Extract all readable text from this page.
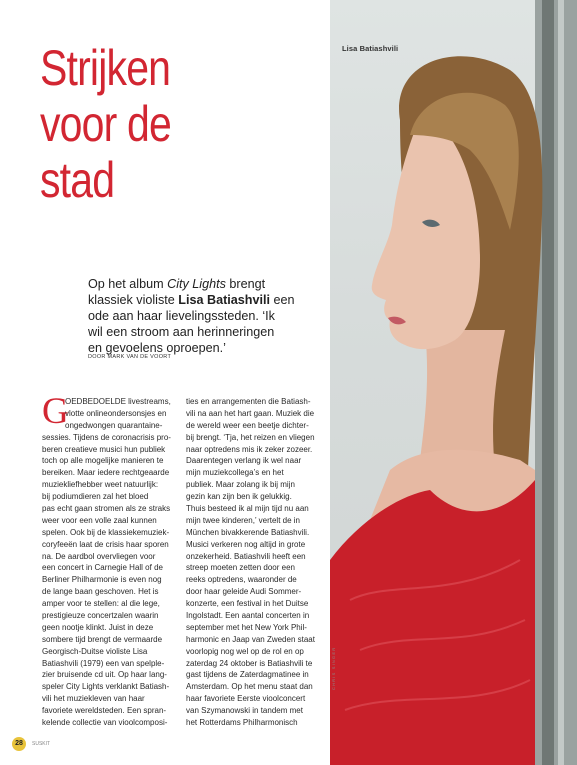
Strijken
voor de
stad
Op het album City Lights brengt
klassiek violiste Lisa Batiashvili een
ode aan haar lievelingssteden. ‘Ik
wil een stroom aan herinneringen
en gevoelens oproepen.’
DOOR MARK VAN DE VOORT
G
OEDBEDOELDE livestreams,
vlotte onlineondersonsjes en
ongedwongen quarantaine-
sessies. Tijdens de coronacrisis pro-
beren creatieve musici hun publiek
toch op alle mogelijke manieren te
bereiken. Maar iedere rechtgeaarde
muziekliefhebber weet natuurlijk:
bij podiumdieren zal het bloed
pas echt gaan stromen als ze straks
weer voor een volle zaal kunnen
spelen. Ook bij de klassiekemuziek-
coryfeeën laat de crisis haar sporen
na. De aardbol overvliegen voor
een concert in Carnegie Hall of de
Berliner Philharmonie is even nog
de lange baan geschoven. Het is
amper voor te stellen: al die lege,
prestigieuze concertzalen waarin
geen nootje klinkt. Juist in deze
sombere tijd brengt de vermaarde
Georgisch-Duitse violiste Lisa
Batiashvili (1979) een van spelple-
zier bruisende cd uit. Op haar lang-
speler City Lights verklankt Batiash-
vili het muziekleven van haar
favoriete wereldsteden. Een spran-
kelende collectie van vioolcomposi-
ties en arrangementen die Batiash-
vili na aan het hart gaan. Muziek die
de wereld weer een beetje dichter-
bij brengt. ‘Tja, het reizen en vliegen
naar optredens mis ik zeker zozeer.
Daarentegen verlang ik wel naar
mijn muziekcollega’s en het
publiek. Maar zolang ik bij mijn
gezin kan zijn ben ik gelukkig.
Thuis besteed ik al mijn tijd nu aan
mijn twee kinderen,’ vertelt de in
München bivakkerende Batiashvili.
Musici verkeren nog altijd in grote
onzekerheid. Batiashvili heeft een
streep moeten zetten door een
reeks optredens, waaronder de
door haar geleide Audi Sommer-
konzerte, een festival in het Duitse
Ingolstadt. Een aantal concerten in
september met het New York Phil-
harmonic en Jaap van Zweden staat
voorlopig nog wel op de rol en op
zaterdag 24 oktober is Batiashvili te
gast tijdens de Zaterdagmatinee in
Amsterdam. Op het menu staat dan
haar favoriete Eerste vioolconcert
van Szymanowski in tandem met
het Rotterdams Philharmonisch
Lisa Batiashvili
CHRIS SINGER
28	SUSKIT
